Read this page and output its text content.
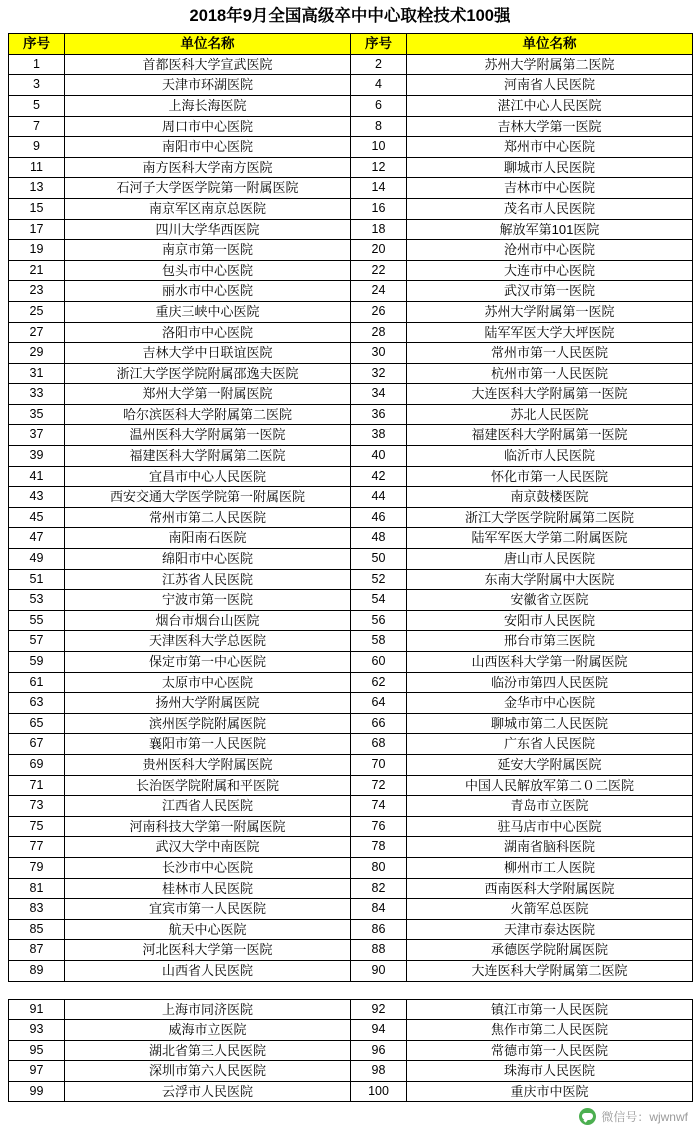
2018年9月全国高级卒中中心取栓技术100强
序号	单位名称	序号	单位名称
1	首都医科大学宣武医院	2	苏州大学附属第二医院
3	天津市环湖医院	4	河南省人民医院
5	上海长海医院	6	湛江中心人民医院
7	周口市中心医院	8	吉林大学第一医院
9	南阳市中心医院	10	郑州市中心医院
11	南方医科大学南方医院	12	聊城市人民医院
13	石河子大学医学院第一附属医院	14	吉林市中心医院
15	南京军区南京总医院	16	茂名市人民医院
17	四川大学华西医院	18	解放军第101医院
19	南京市第一医院	20	沧州市中心医院
21	包头市中心医院	22	大连市中心医院
23	丽水市中心医院	24	武汉市第一医院
25	重庆三峡中心医院	26	苏州大学附属第一医院
27	洛阳市中心医院	28	陆军军医大学大坪医院
29	吉林大学中日联谊医院	30	常州市第一人民医院
31	浙江大学医学院附属邵逸夫医院	32	杭州市第一人民医院
33	郑州大学第一附属医院	34	大连医科大学附属第一医院
35	哈尔滨医科大学附属第二医院	36	苏北人民医院
37	温州医科大学附属第一医院	38	福建医科大学附属第一医院
39	福建医科大学附属第二医院	40	临沂市人民医院
41	宜昌市中心人民医院	42	怀化市第一人民医院
43	西安交通大学医学院第一附属医院	44	南京鼓楼医院
45	常州市第二人民医院	46	浙江大学医学院附属第二医院
47	南阳南石医院	48	陆军军医大学第二附属医院
49	绵阳市中心医院	50	唐山市人民医院
51	江苏省人民医院	52	东南大学附属中大医院
53	宁波市第一医院	54	安徽省立医院
55	烟台市烟台山医院	56	安阳市人民医院
57	天津医科大学总医院	58	邢台市第三医院
59	保定市第一中心医院	60	山西医科大学第一附属医院
61	太原市中心医院	62	临汾市第四人民医院
63	扬州大学附属医院	64	金华市中心医院
65	滨州医学院附属医院	66	聊城市第二人民医院
67	襄阳市第一人民医院	68	广东省人民医院
69	贵州医科大学附属医院	70	延安大学附属医院
71	长治医学院附属和平医院	72	中国人民解放军第二０二医院
73	江西省人民医院	74	青岛市立医院
75	河南科技大学第一附属医院	76	驻马店市中心医院
77	武汉大学中南医院	78	湖南省脑科医院
79	长沙市中心医院	80	柳州市工人医院
81	桂林市人民医院	82	西南医科大学附属医院
83	宜宾市第一人民医院	84	火箭军总医院
85	航天中心医院	86	天津市泰达医院
87	河北医科大学第一医院	88	承德医学院附属医院
89	山西省人民医院	90	大连医科大学附属第二医院
91	上海市同济医院	92	镇江市第一人民医院
93	威海市立医院	94	焦作市第二人民医院
95	湖北省第三人民医院	96	常德市第一人民医院
97	深圳市第六人民医院	98	珠海市人民医院
99	云浮市人民医院	100	重庆市中医院
微信号：wjwnwf
